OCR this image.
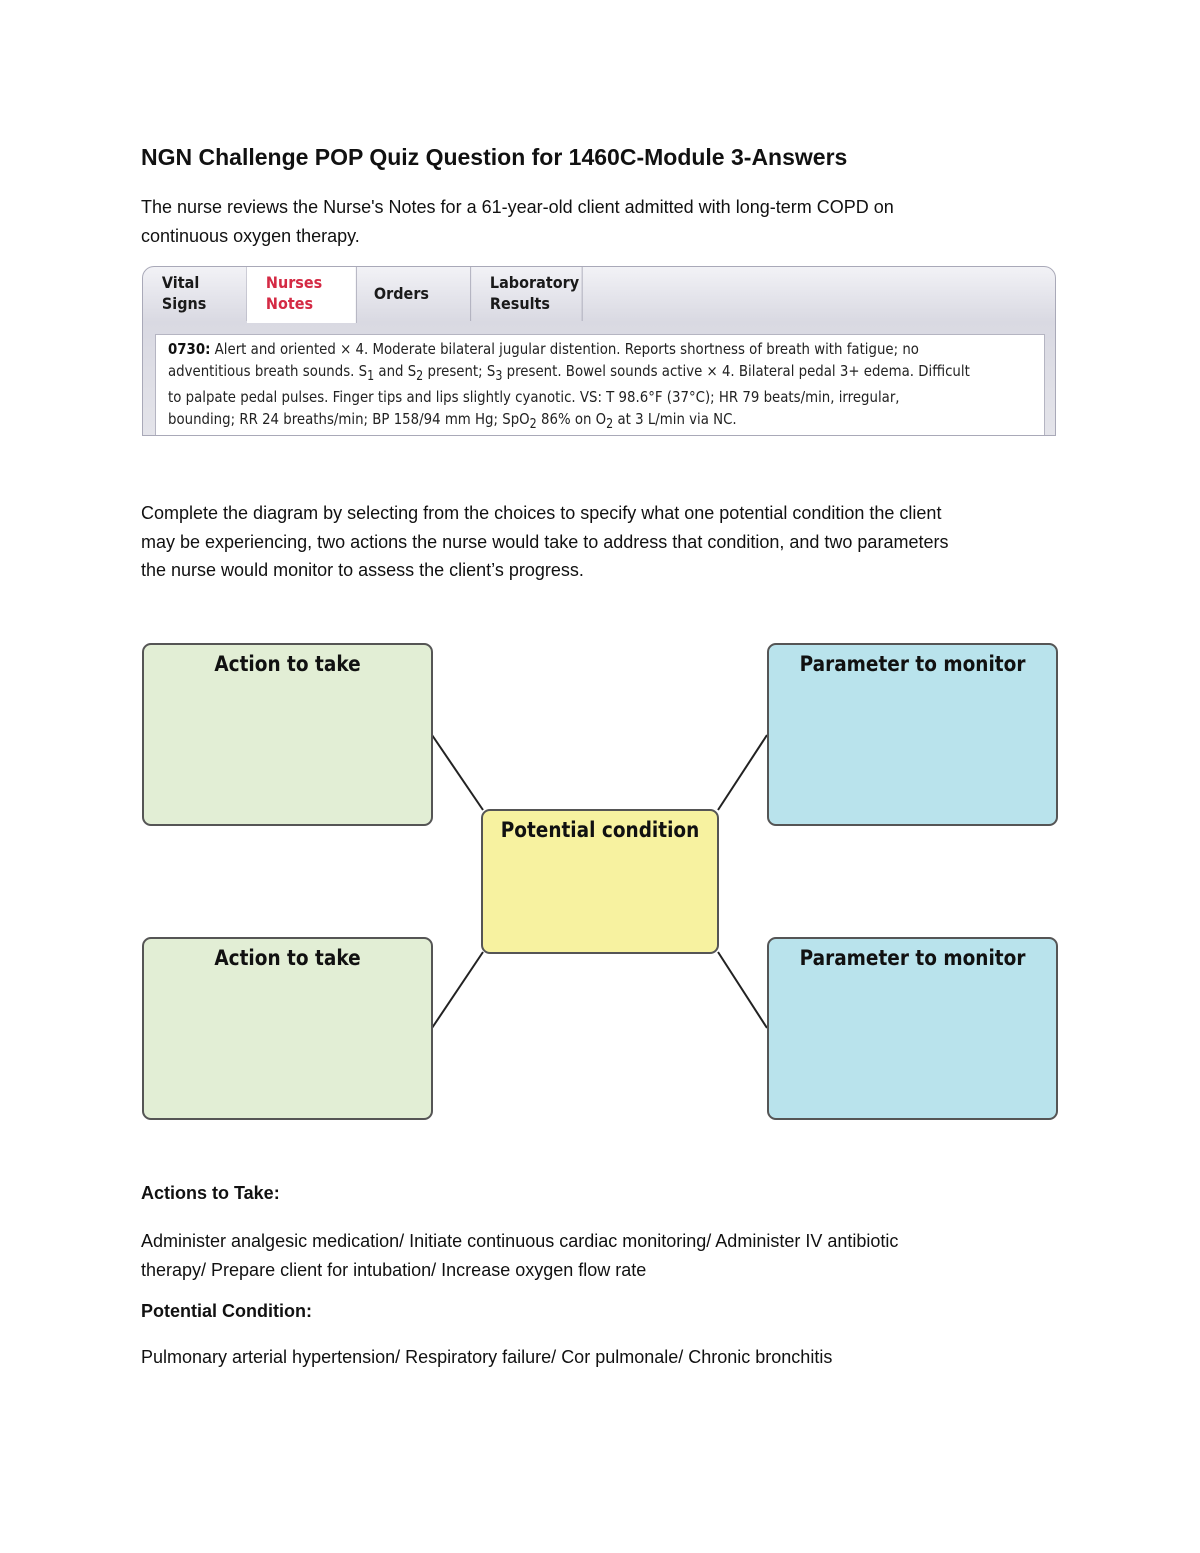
NGN Challenge POP Quiz Question for 1460C-Module 3-Answers
The nurse reviews the Nurse's Notes for a 61-year-old client admitted with long-term COPD on
continuous oxygen therapy.
Vital
Signs
Nurses
Notes
Orders
Laboratory
Results
0730: Alert and oriented × 4. Moderate bilateral jugular distention. Reports shortness of breath with fatigue; no
adventitious breath sounds. $S_1$ and $S_2$ present; $S_3$ present. Bowel sounds active × 4. Bilateral pedal 3+ edema. Difficult
to palpate pedal pulses. Finger tips and lips slightly cyanotic. VS: T 98.6°F (37°C); HR 79 beats/min, irregular,
bounding; RR 24 breaths/min; BP 158/94 mm Hg; SpO$_2$ 86% on $O_2$ at 3 L/min via NC.
Complete the diagram by selecting from the choices to specify what one potential condition the client
may be experiencing, two actions the nurse would take to address that condition, and two parameters
the nurse would monitor to assess the client’s progress.
Action to take	Parameter to monitor
Potential condition
Action to take	Parameter to monitor
Actions to Take:
Administer analgesic medication/ Initiate continuous cardiac monitoring/ Administer IV antibiotic
therapy/ Prepare client for intubation/ Increase oxygen flow rate
Potential Condition:
Pulmonary arterial hypertension/ Respiratory failure/ Cor pulmonale/ Chronic bronchitis
